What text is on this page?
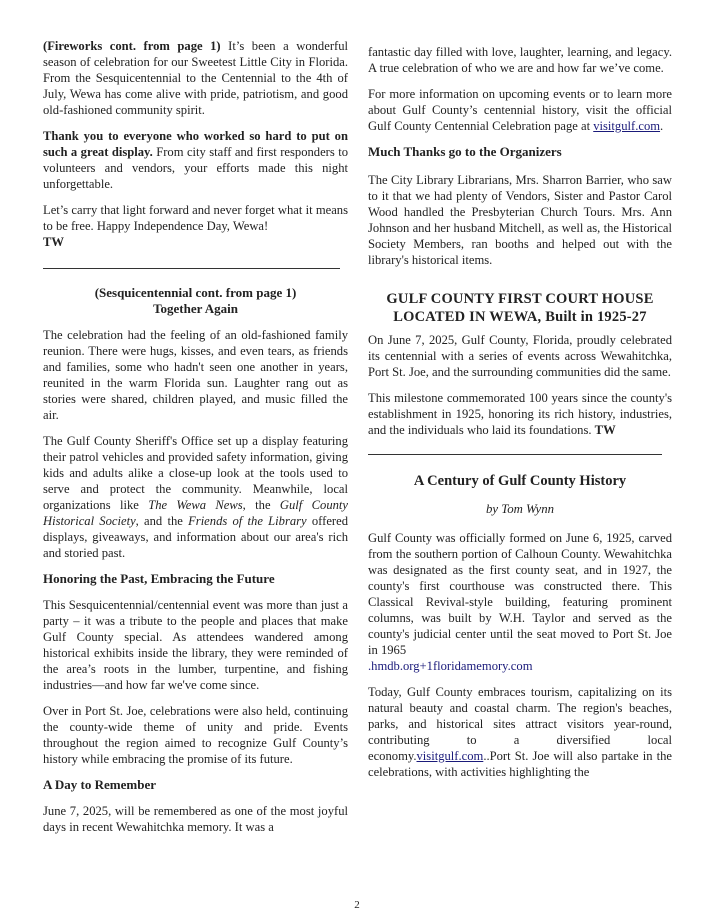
(Fireworks cont. from page 1) It’s been a wonderful season of celebration for our Sweetest Little City in Florida. From the Sesquicentennial to the Centennial to the 4th of July, Wewa has come alive with pride, patriotism, and good old-fashioned community spirit.

Thank you to everyone who worked so hard to put on such a great display. From city staff and first responders to volunteers and vendors, your efforts made this night unforgettable.

Let’s carry that light forward and never forget what it means to be free. Happy Independence Day, Wewa!
TW

(Sesquicentennial cont. from page 1)
Together Again

The celebration had the feeling of an old-fashioned family reunion. There were hugs, kisses, and even tears, as friends and families, some who hadn't seen one another in years, reunited in the warm Florida sun. Laughter rang out as stories were shared, children played, and music filled the air.

The Gulf County Sheriff's Office set up a display featuring their patrol vehicles and provided safety information, giving kids and adults alike a close-up look at the tools used to serve and protect the community. Meanwhile, local organizations like The Wewa News, the Gulf County Historical Society, and the Friends of the Library offered displays, giveaways, and information about our area's rich and storied past.

Honoring the Past, Embracing the Future

This Sesquicentennial/centennial event was more than just a party – it was a tribute to the people and places that make Gulf County special. As attendees wandered among historical exhibits inside the library, they were reminded of the area’s roots in the lumber, turpentine, and fishing industries—and how far we've come since.

Over in Port St. Joe, celebrations were also held, continuing the county-wide theme of unity and pride. Events throughout the region aimed to recognize Gulf County’s history while embracing the promise of its future.

A Day to Remember

June 7, 2025, will be remembered as one of the most joyful days in recent Wewahitchka memory. It was a

fantastic day filled with love, laughter, learning, and legacy. A true celebration of who we are and how far we’ve come.

For more information on upcoming events or to learn more about Gulf County’s centennial history, visit the official Gulf County Centennial Celebration page at visitgulf.com.

Much Thanks go to the Organizers

The City Library Librarians, Mrs. Sharron Barrier, who saw to it that we had plenty of Vendors, Sister and Pastor Carol Wood handled the Presbyterian Church Tours. Mrs. Ann Johnson and her husband Mitchell, as well as, the Historical Society Members, ran booths and helped out with the library's historical items.

GULF COUNTY FIRST COURT HOUSE LOCATED IN WEWA, Built in 1925-27

On June 7, 2025, Gulf County, Florida, proudly celebrated its centennial with a series of events across Wewahitchka, Port St. Joe, and the surrounding communities did the same.

This milestone commemorated 100 years since the county's establishment in 1925, honoring its rich history, industries, and the individuals who laid its foundations. TW

A Century of Gulf County History
by Tom Wynn

Gulf County was officially formed on June 6, 1925, carved from the southern portion of Calhoun County. Wewahitchka was designated as the first county seat, and in 1927, the county's first courthouse was constructed there. This Classical Revival-style building, featuring prominent columns, was built by W.H. Taylor and served as the county's judicial center until the seat moved to Port St. Joe in 1965
.hmdb.org+1floridamemory.com

Today, Gulf County embraces tourism, capitalizing on its natural beauty and coastal charm. The region's beaches, parks, and historical sites attract visitors year-round, contributing to a diversified local economy.visitgulf.com..Port St. Joe will also partake in the celebrations, with activities highlighting the

2
